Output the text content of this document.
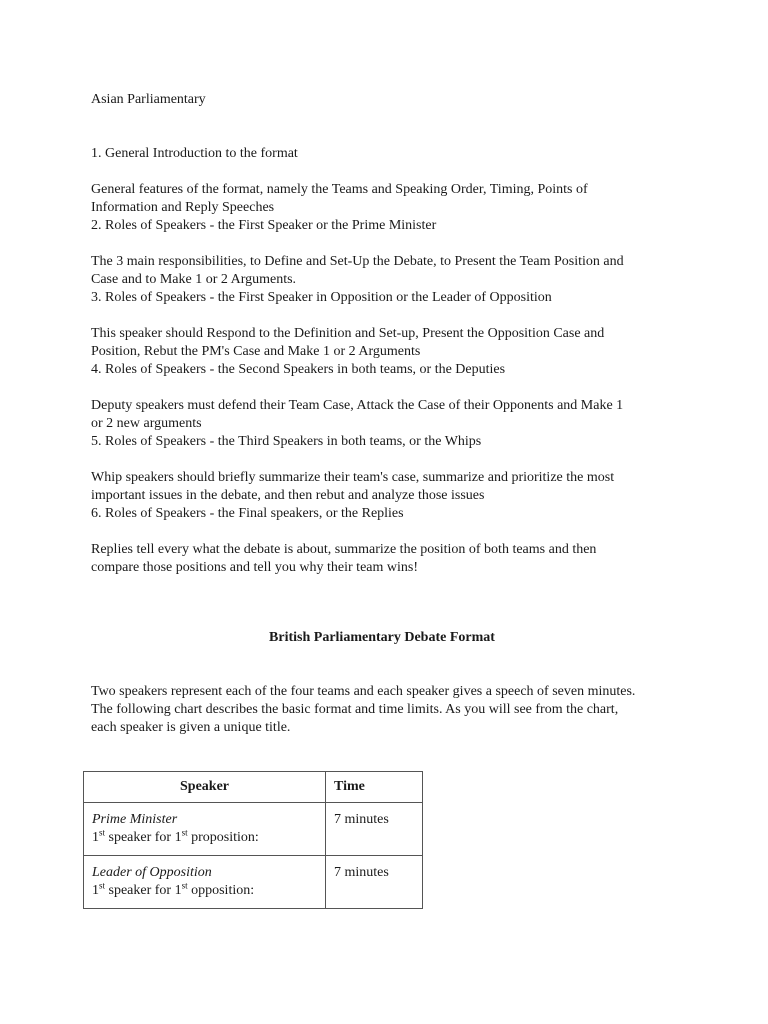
Asian Parliamentary
1. General Introduction to the format
General features of the format, namely the Teams and Speaking Order, Timing, Points of
Information and Reply Speeches
2. Roles of Speakers - the First Speaker or the Prime Minister
The 3 main responsibilities, to Define and Set-Up the Debate, to Present the Team Position and
Case and to Make 1 or 2 Arguments.
3. Roles of Speakers - the First Speaker in Opposition or the Leader of Opposition
This speaker should Respond to the Definition and Set-up, Present the Opposition Case and
Position, Rebut the PM's Case and Make 1 or 2 Arguments
4. Roles of Speakers - the Second Speakers in both teams, or the Deputies
Deputy speakers must defend their Team Case, Attack the Case of their Opponents and Make 1
or 2 new arguments
5. Roles of Speakers - the Third Speakers in both teams, or the Whips
Whip speakers should briefly summarize their team's case, summarize and prioritize the most
important issues in the debate, and then rebut and analyze those issues
6. Roles of Speakers - the Final speakers, or the Replies
Replies tell every what the debate is about, summarize the position of both teams and then
compare those positions and tell you why their team wins!
British Parliamentary Debate Format
Two speakers represent each of the four teams and each speaker gives a speech of seven minutes.
The following chart describes the basic format and time limits. As you will see from the chart,
each speaker is given a unique title.
Speaker	Time

Prime Minister
1st speaker for 1st proposition:	7 minutes

Leader of Opposition
1st speaker for 1st opposition:	7 minutes
